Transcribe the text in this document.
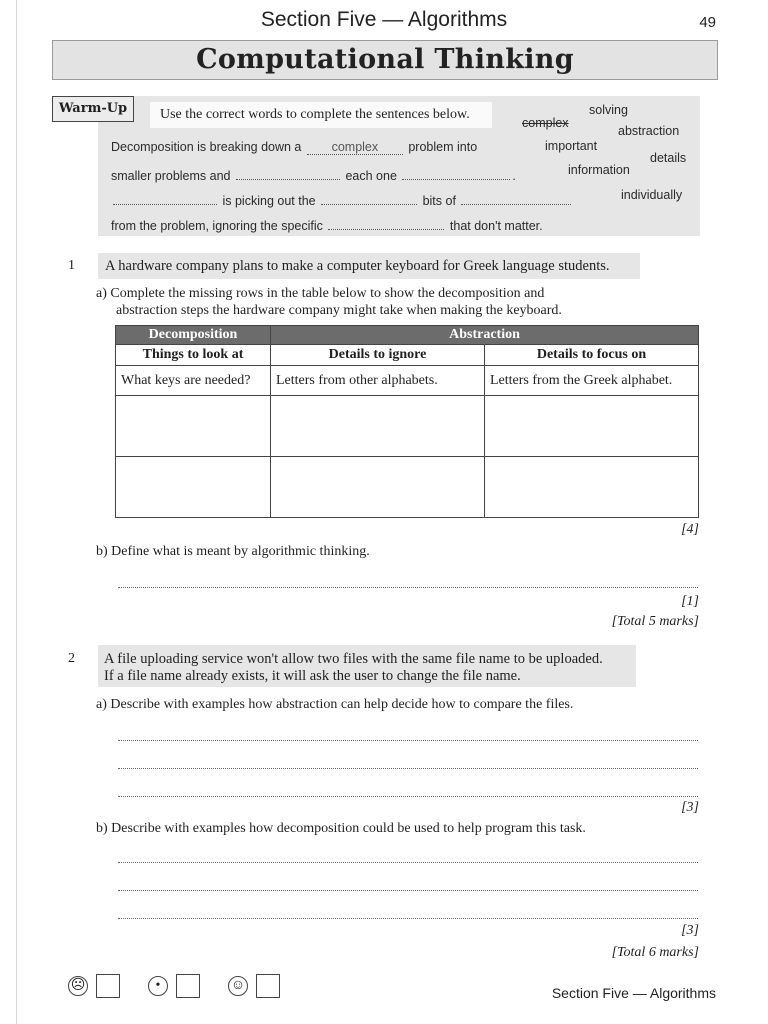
Section Five — Algorithms	49
Computational Thinking
Warm-Up	Use the correct words to complete the sentences below.
Decomposition is breaking down a complex problem into
smaller problems and	each one	.
is picking out the	bits of
from the problem, ignoring the specific	that don't matter.
solving
complex
abstraction
important
details
information
individually
1 A hardware company plans to make a computer keyboard for Greek language students.
a) Complete the missing rows in the table below to show the decomposition and
abstraction steps the hardware company might take when making the keyboard.
Decomposition	Abstraction	
Things to look at	Details to ignore	Details to focus on
What keys are needed?	Letters from other alphabets.	Letters from the Greek alphabet.

[4]
b) Define what is meant by algorithmic thinking.
[1]
[Total 5 marks]
2 A file uploading service won't allow two files with the same file name to be uploaded.
If a file name already exists, it will ask the user to change the file name.
a) Describe with examples how abstraction can help decide how to compare the files.
[3]
b) Describe with examples how decomposition could be used to help program this task.
[3]
[Total 6 marks]
☹	•	☺	Section Five — Algorithms
